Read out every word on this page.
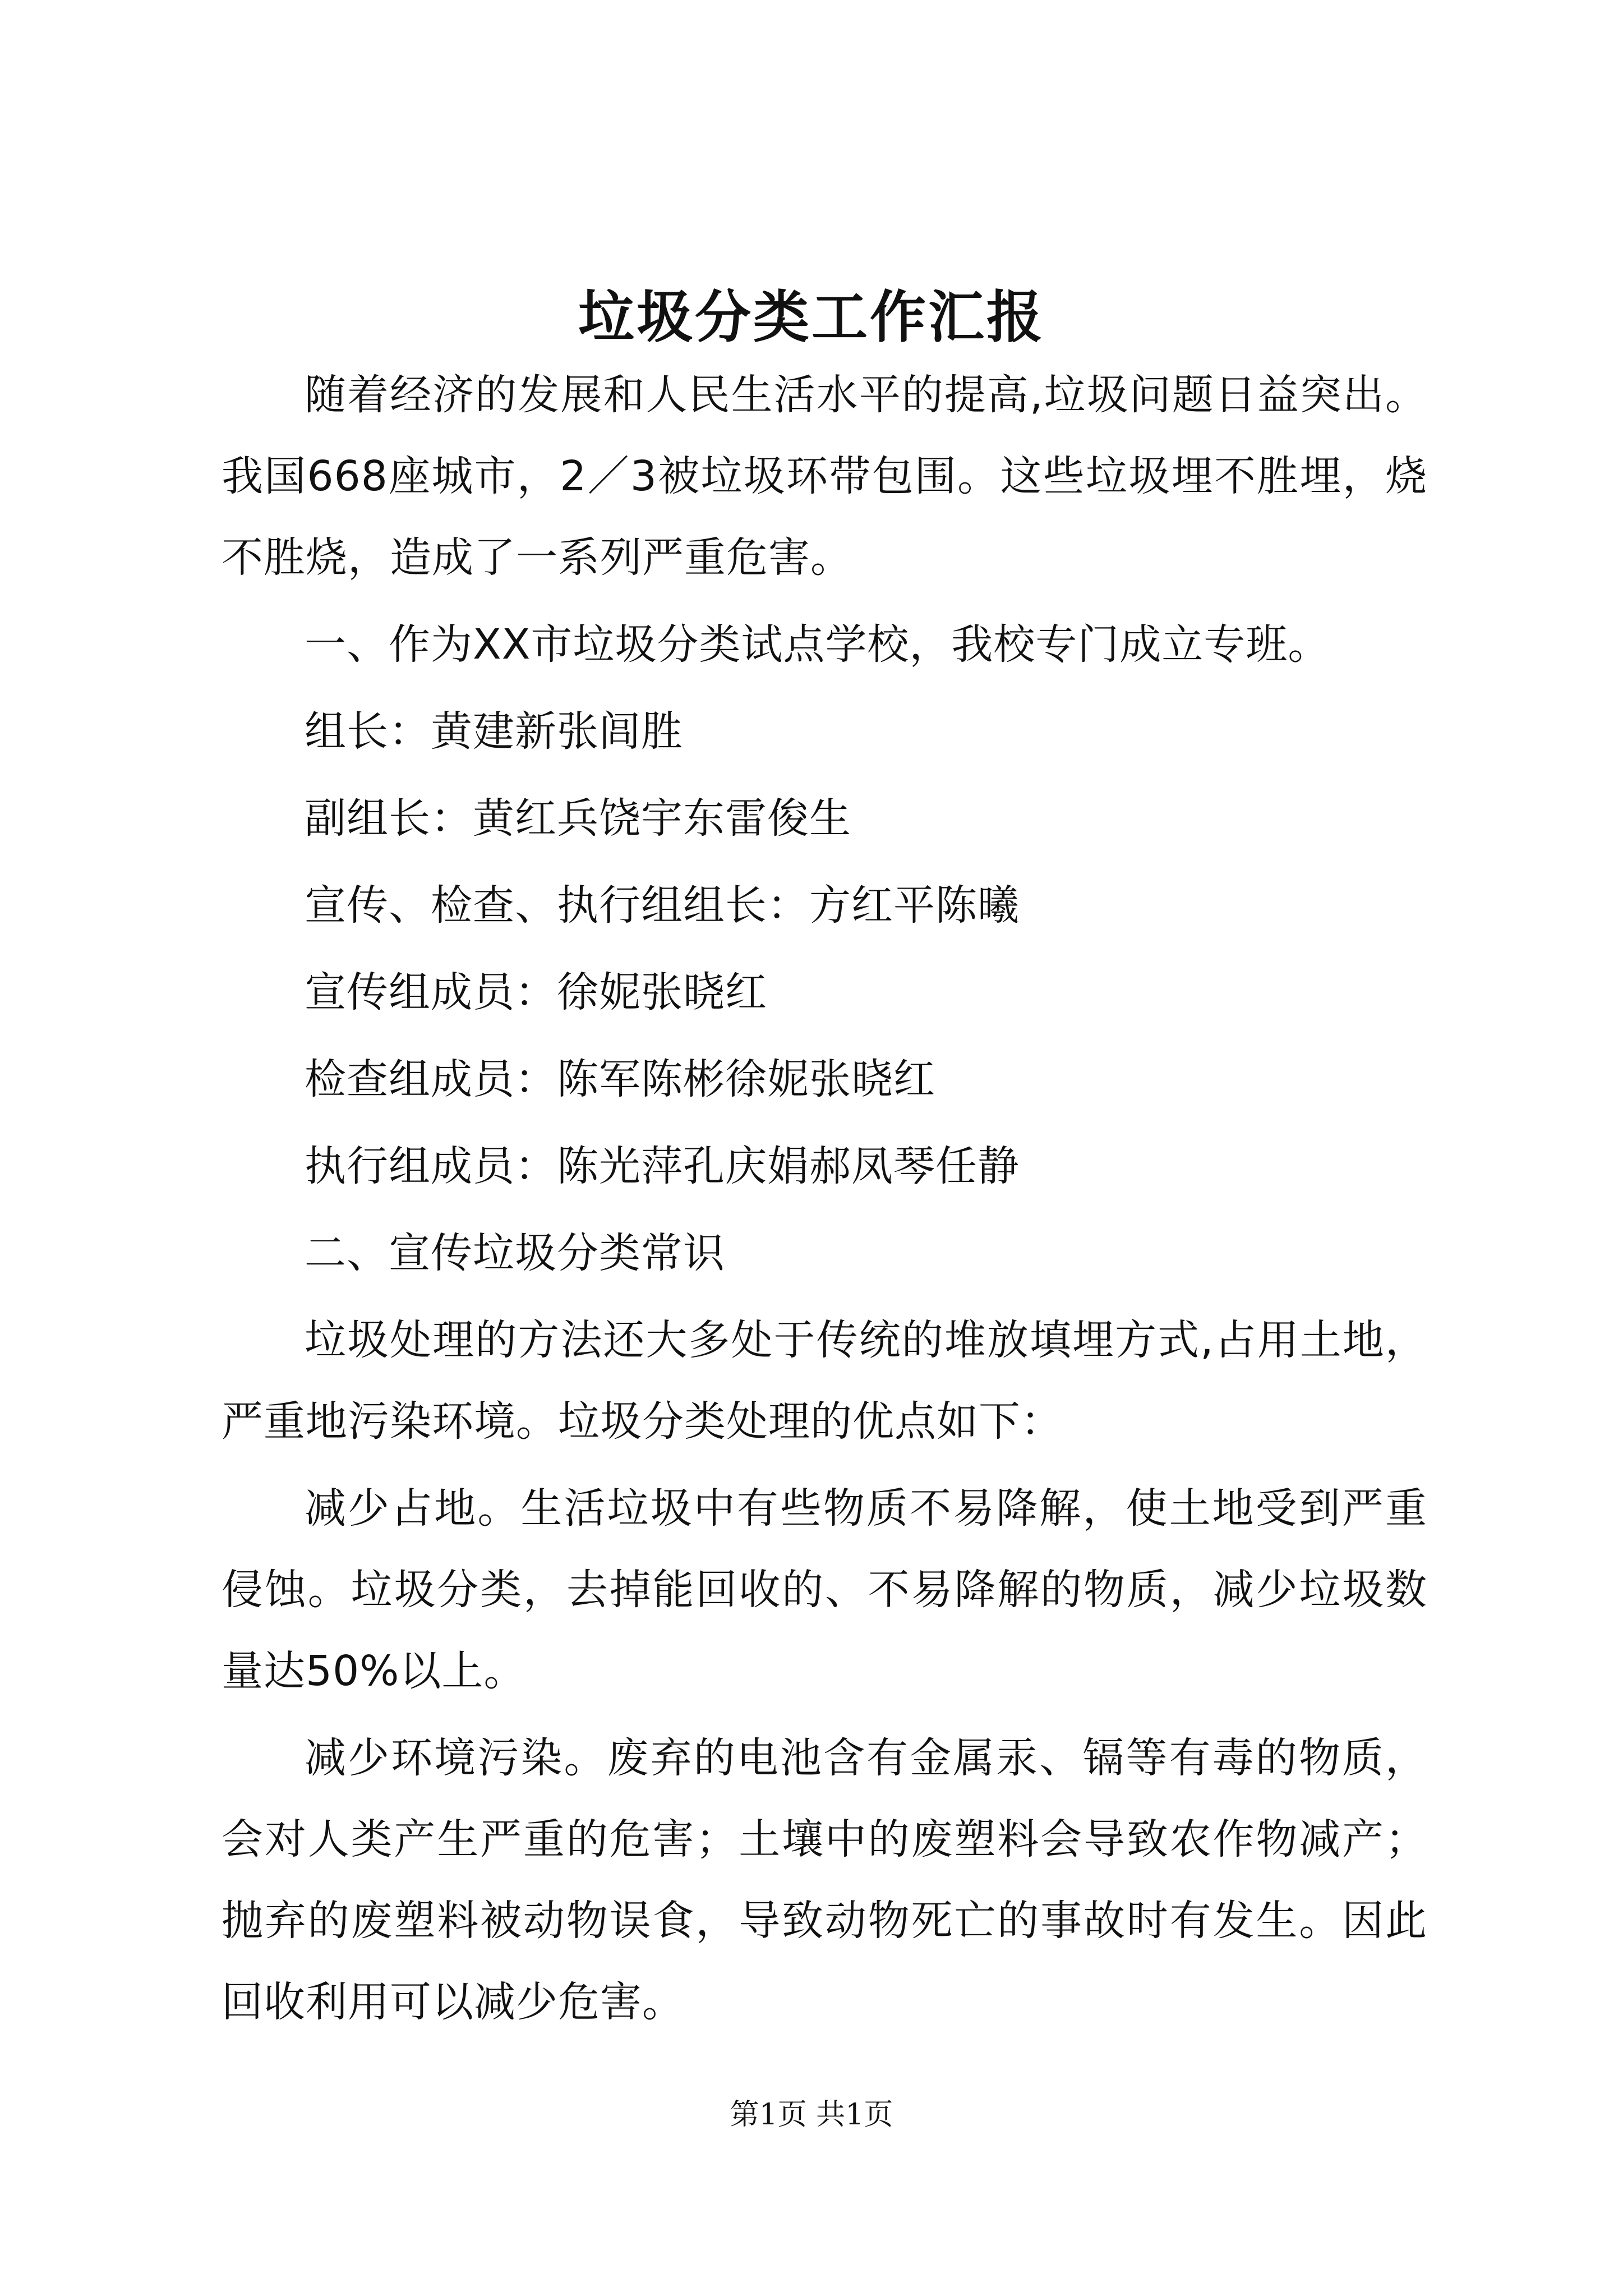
垃圾分类工作汇报

随着经济的发展和人民生活水平的提高,垃圾问题日益突出。我国668座城市，2／3被垃圾环带包围。这些垃圾埋不胜埋，烧不胜烧，造成了一系列严重危害。

一、作为XX市垃圾分类试点学校，我校专门成立专班。

组长：黄建新张闾胜

副组长：黄红兵饶宇东雷俊生

宣传、检查、执行组组长：方红平陈曦

宣传组成员：徐妮张晓红

检查组成员：陈军陈彬徐妮张晓红

执行组成员：陈光萍孔庆娟郝凤琴任静

二、宣传垃圾分类常识

垃圾处理的方法还大多处于传统的堆放填埋方式,占用土地，严重地污染环境。垃圾分类处理的优点如下：

减少占地。生活垃圾中有些物质不易降解，使土地受到严重侵蚀。垃圾分类，去掉能回收的、不易降解的物质，减少垃圾数量达50%以上。

减少环境污染。废弃的电池含有金属汞、镉等有毒的物质，会对人类产生严重的危害；土壤中的废塑料会导致农作物减产；抛弃的废塑料被动物误食，导致动物死亡的事故时有发生。因此回收利用可以减少危害。

第1页 共1页
